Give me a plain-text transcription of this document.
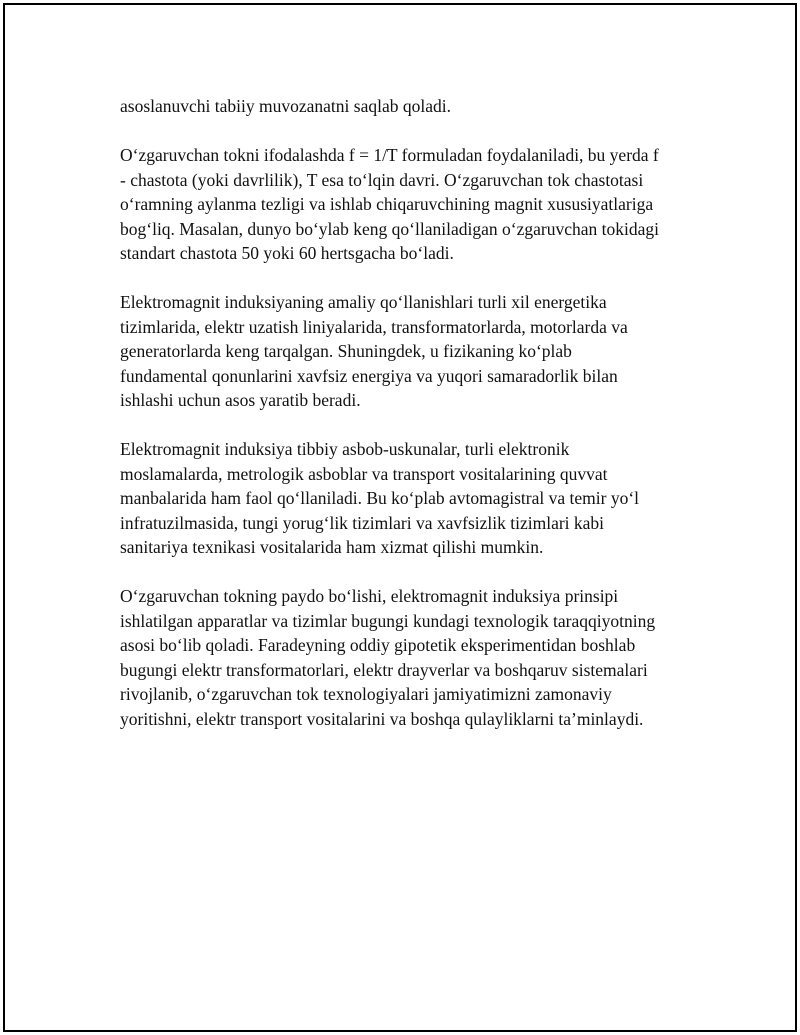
asoslanuvchi tabiiy muvozanatni saqlab qoladi.

O‘zgaruvchan tokni ifodalashda f = 1/T formuladan foydalaniladi, bu yerda f
- chastota (yoki davrlilik), T esa to‘lqin davri. O‘zgaruvchan tok chastotasi
o‘ramning aylanma tezligi va ishlab chiqaruvchining magnit xususiyatlariga
bog‘liq. Masalan, dunyo bo‘ylab keng qo‘llaniladigan o‘zgaruvchan tokidagi
standart chastota 50 yoki 60 hertsgacha bo‘ladi.

Elektromagnit induksiyaning amaliy qo‘llanishlari turli xil energetika
tizimlarida, elektr uzatish liniyalarida, transformatorlarda, motorlarda va
generatorlarda keng tarqalgan. Shuningdek, u fizikaning ko‘plab
fundamental qonunlarini xavfsiz energiya va yuqori samaradorlik bilan
ishlashi uchun asos yaratib beradi.

Elektromagnit induksiya tibbiy asbob-uskunalar, turli elektronik
moslamalarda, metrologik asboblar va transport vositalarining quvvat
manbalarida ham faol qo‘llaniladi. Bu ko‘plab avtomagistral va temir yo‘l
infratuzilmasida, tungi yorug‘lik tizimlari va xavfsizlik tizimlari kabi
sanitariya texnikasi vositalarida ham xizmat qilishi mumkin.

O‘zgaruvchan tokning paydo bo‘lishi, elektromagnit induksiya prinsipi
ishlatilgan apparatlar va tizimlar bugungi kundagi texnologik taraqqiyotning
asosi bo‘lib qoladi. Faradeyning oddiy gipotetik eksperimentidan boshlab
bugungi elektr transformatorlari, elektr drayverlar va boshqaruv sistemalari
rivojlanib, o‘zgaruvchan tok texnologiyalari jamiyatimizni zamonaviy
yoritishni, elektr transport vositalarini va boshqa qulayliklarni ta’minlaydi.
